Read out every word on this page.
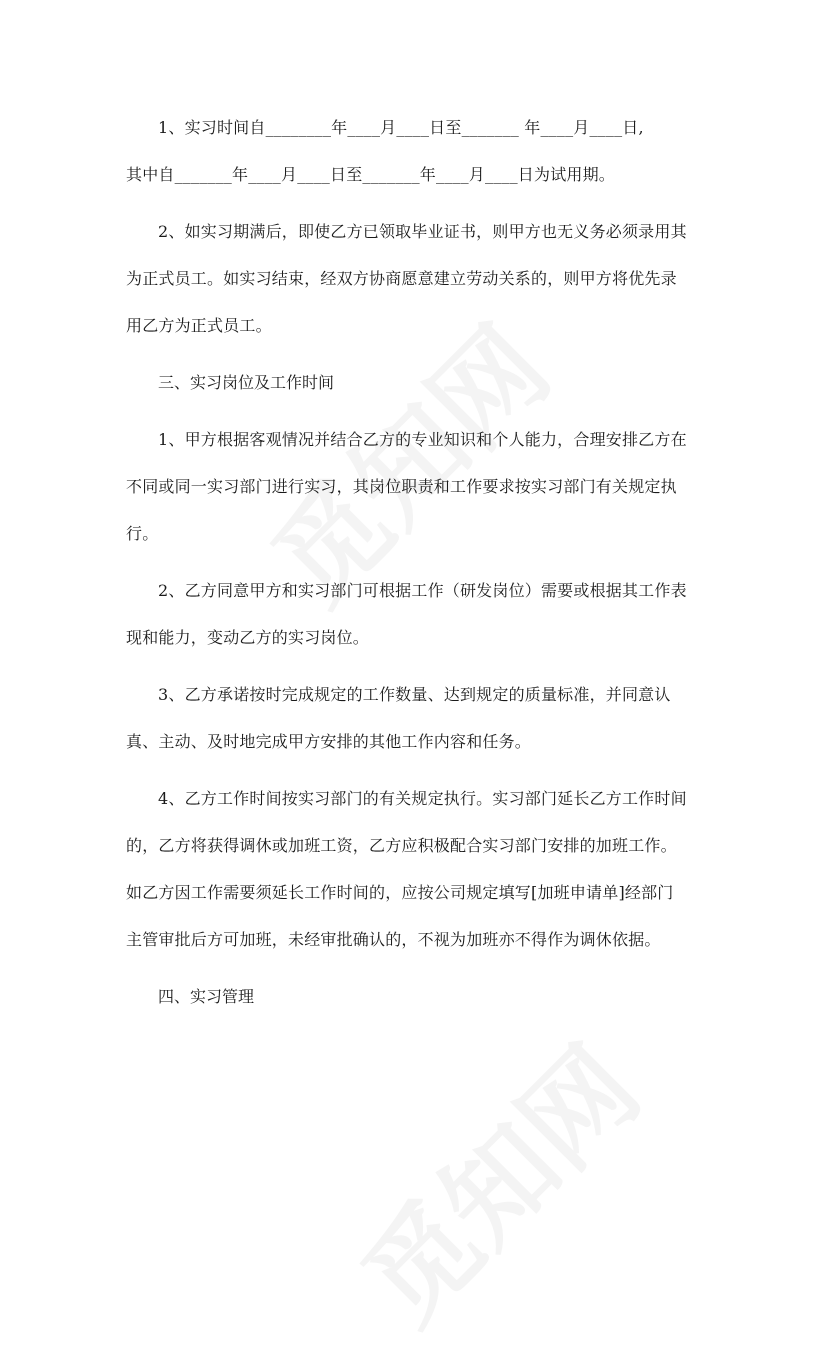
1、实习时间自________年____月____日至_______ 年____月____日,
其中自_______年____月____日至_______年____月____日为试用期。

2、如实习期满后，即使乙方已领取毕业证书，则甲方也无义务必须录用其
为正式员工。如实习结束，经双方协商愿意建立劳动关系的，则甲方将优先录
用乙方为正式员工。

三、实习岗位及工作时间

1、甲方根据客观情况并结合乙方的专业知识和个人能力，合理安排乙方在
不同或同一实习部门进行实习，其岗位职责和工作要求按实习部门有关规定执
行。

2、乙方同意甲方和实习部门可根据工作（研发岗位）需要或根据其工作表
现和能力，变动乙方的实习岗位。

3、乙方承诺按时完成规定的工作数量、达到规定的质量标准，并同意认
真、主动、及时地完成甲方安排的其他工作内容和任务。

4、乙方工作时间按实习部门的有关规定执行。实习部门延长乙方工作时间
的，乙方将获得调休或加班工资，乙方应积极配合实习部门安排的加班工作。
如乙方因工作需要须延长工作时间的，应按公司规定填写[加班申请单]经部门
主管审批后方可加班，未经审批确认的，不视为加班亦不得作为调休依据。

四、实习管理
